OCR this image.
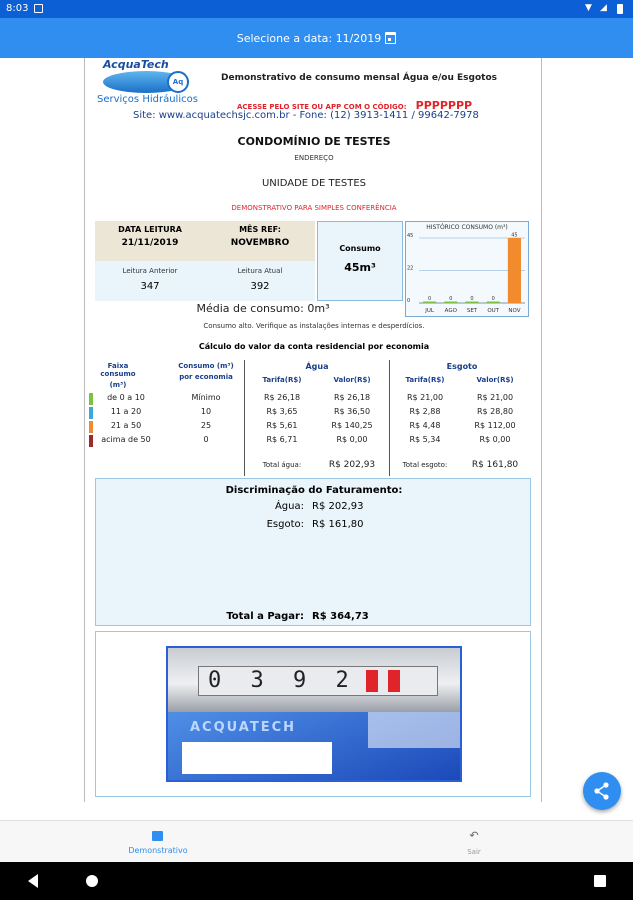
8:03	▼ ◢
Selecione a data: 11/2019
AcquaTech
Aq
Serviços Hidráulicos
Demonstrativo de consumo mensal Água e/ou Esgotos
ACESSE PELO SITE OU APP COM O CÓDIGO: PPPPPPP
Site: www.acquatechsjc.com.br - Fone: (12) 3913-1411 / 99642-7978
CONDOMÍNIO DE TESTES
ENDEREÇO
UNIDADE DE TESTES
DEMONSTRATIVO PARA SIMPLES CONFERÊNCIA
DATA LEITURA
21/11/2019
MÊS REF:
NOVEMBRO
Leitura Anterior
347
Leitura Atual
392
Consumo
45m³
HISTÓRICO CONSUMO (m³)
45
22
0	0
JUL
0
AGO
0
SET
0
OUT
45
NOV
Média de consumo: 0m³
Consumo alto. Verifique as instalações internas e desperdícios.
Cálculo do valor da conta residencial por economia
Faixa consumo
(m³)
Consumo (m³)
por economia
Água	Esgoto
Tarifa(R$)	Valor(R$)	Tarifa(R$)	Valor(R$)
de 0 a 10	Mínimo	R$ 26,18	R$ 26,18	R$ 21,00	R$ 21,00
11 a 20	10	R$ 3,65	R$ 36,50	R$ 2,88	R$ 28,80
21 a 50	25	R$ 5,61	R$ 140,25	R$ 4,48	R$ 112,00
acima de 50	0	R$ 6,71	R$ 0,00	R$ 5,34	R$ 0,00
Total água:	R$ 202,93	Total esgoto:	R$ 161,80
Discriminação do Faturamento:
Água: R$ 202,93
Esgoto: R$ 161,80
Total a Pagar: R$ 364,73
0 3 9 2
ACQUATECH
Demonstrativo
↶
Sair
